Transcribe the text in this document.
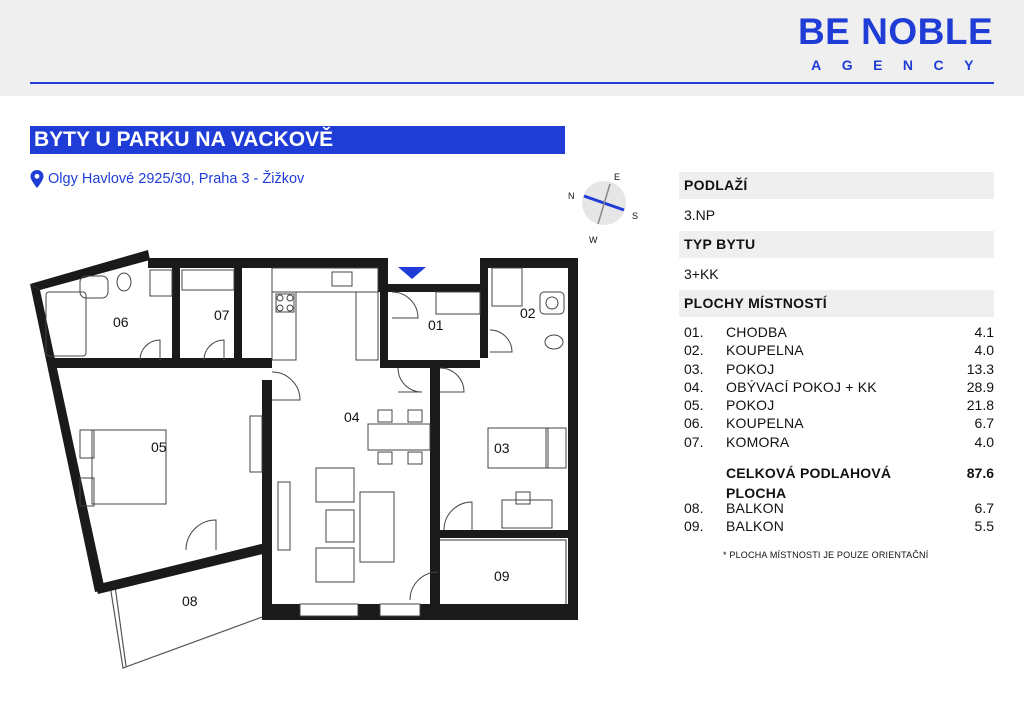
BE NOBLE
AGENCY
BYTY U PARKU NA VACKOVĚ
Olgy Havlové 2925/30, Praha 3 - Žižkov
N
E
S
W
01
02
03
04
05
06	07
08
09
PODLAŽÍ
3.NP
TYP BYTU
3+KK
PLOCHY MÍSTNOSTÍ
01.	CHODBA	4.1
02.	KOUPELNA	4.0
03.	POKOJ	13.3
04.	OBÝVACÍ POKOJ + KK	28.9
05.	POKOJ	21.8
06.	KOUPELNA	6.7
07.	KOMORA	4.0
CELKOVÁ PODLAHOVÁ PLOCHA
87.6
08.	BALKON	6.7
09.	BALKON	5.5
* PLOCHA MÍSTNOSTI JE POUZE ORIENTAČNÍ
